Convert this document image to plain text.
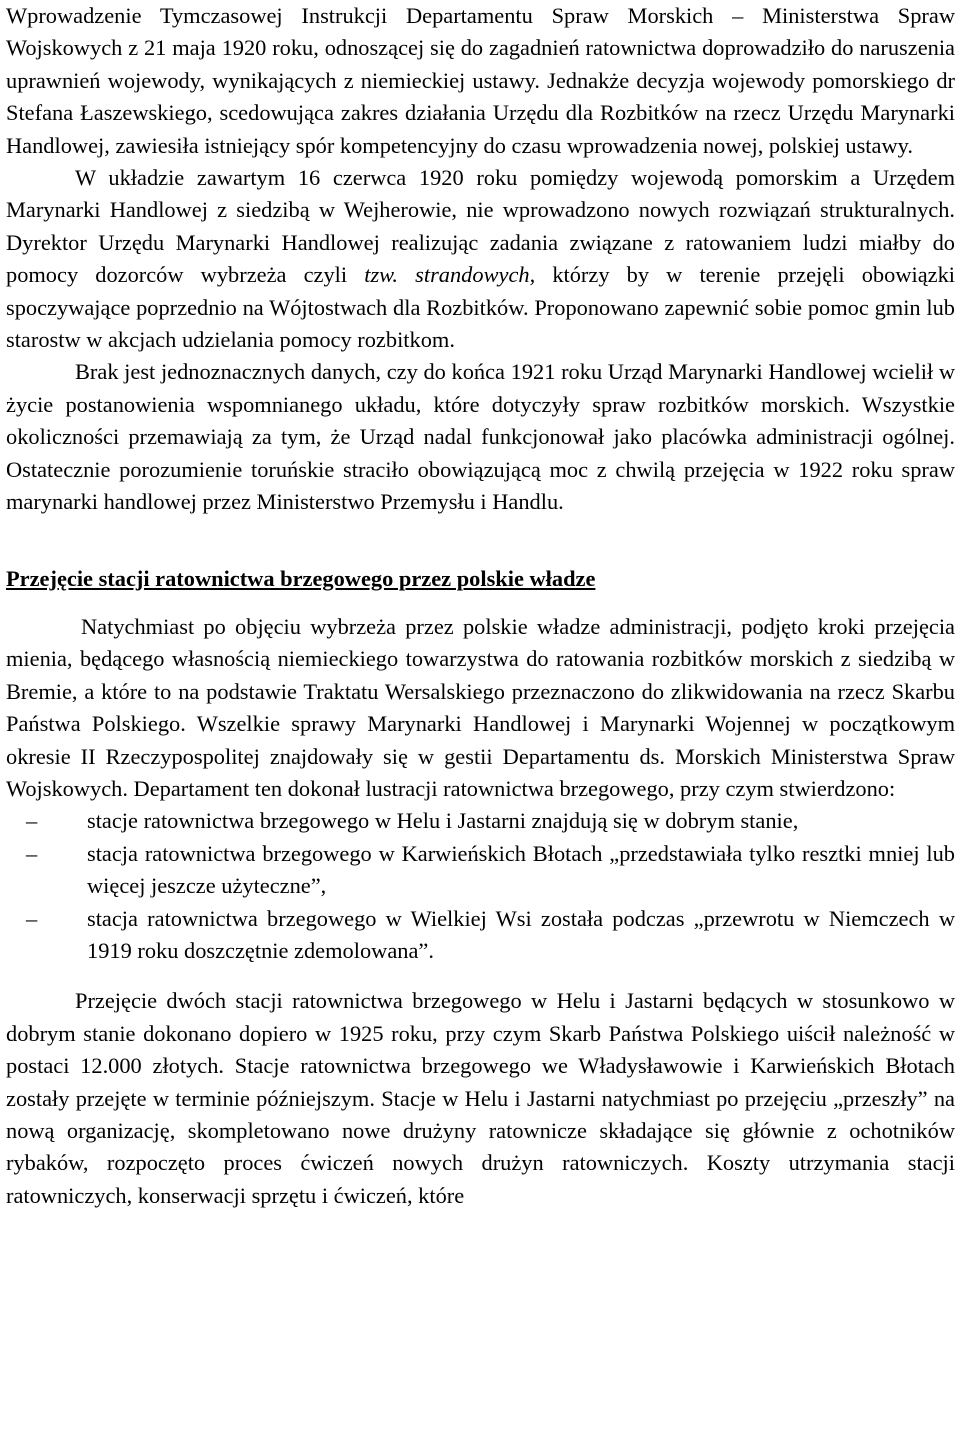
Wprowadzenie Tymczasowej Instrukcji Departamentu Spraw Morskich – Ministerstwa Spraw Wojskowych z 21 maja 1920 roku, odnoszącej się do zagadnień ratownictwa doprowadziło do naruszenia uprawnień wojewody, wynikających z niemieckiej ustawy. Jednakże decyzja wojewody pomorskiego dr Stefana Łaszewskiego, scedowująca zakres działania Urzędu dla Rozbitków na rzecz Urzędu Marynarki Handlowej, zawiesiła istniejący spór kompetencyjny do czasu wprowadzenia nowej, polskiej ustawy.

W układzie zawartym 16 czerwca 1920 roku pomiędzy wojewodą pomorskim a Urzędem Marynarki Handlowej z siedzibą w Wejherowie, nie wprowadzono nowych rozwiązań strukturalnych. Dyrektor Urzędu Marynarki Handlowej realizując zadania związane z ratowaniem ludzi miałby do pomocy dozorców wybrzeża czyli tzw. strandowych, którzy by w terenie przejęli obowiązki spoczywające poprzednio na Wójtostwach dla Rozbitków. Proponowano zapewnić sobie pomoc gmin lub starostw w akcjach udzielania pomocy rozbitkom.

Brak jest jednoznacznych danych, czy do końca 1921 roku Urząd Marynarki Handlowej wcielił w życie postanowienia wspomnianego układu, które dotyczyły spraw rozbitków morskich. Wszystkie okoliczności przemawiają za tym, że Urząd nadal funkcjonował jako placówka administracji ogólnej. Ostatecznie porozumienie toruńskie straciło obowiązującą moc z chwilą przejęcia w 1922 roku spraw marynarki handlowej przez Ministerstwo Przemysłu i Handlu.

Przejęcie stacji ratownictwa brzegowego przez polskie władze

Natychmiast po objęciu wybrzeża przez polskie władze administracji, podjęto kroki przejęcia mienia, będącego własnością niemieckiego towarzystwa do ratowania rozbitków morskich z siedzibą w Bremie, a które to na podstawie Traktatu Wersalskiego przeznaczono do zlikwidowania na rzecz Skarbu Państwa Polskiego. Wszelkie sprawy Marynarki Handlowej i Marynarki Wojennej w początkowym okresie II Rzeczypospolitej znajdowały się w gestii Departamentu ds. Morskich Ministerstwa Spraw Wojskowych. Departament ten dokonał lustracji ratownictwa brzegowego, przy czym stwierdzono:

– stacje ratownictwa brzegowego w Helu i Jastarni znajdują się w dobrym stanie,
– stacja ratownictwa brzegowego w Karwieńskich Błotach „przedstawiała tylko resztki mniej lub więcej jeszcze użyteczne”,
– stacja ratownictwa brzegowego w Wielkiej Wsi została podczas „przewrotu w Niemczech w 1919 roku doszczętnie zdemolowana”.

Przejęcie dwóch stacji ratownictwa brzegowego w Helu i Jastarni będących w stosunkowo w dobrym stanie dokonano dopiero w 1925 roku, przy czym Skarb Państwa Polskiego uiścił należność w postaci 12.000 złotych. Stacje ratownictwa brzegowego we Władysławowie i Karwieńskich Błotach zostały przejęte w terminie późniejszym. Stacje w Helu i Jastarni natychmiast po przejęciu „przeszły” na nową organizację, skompletowano nowe drużyny ratownicze składające się głównie z ochotników rybaków, rozpoczęto proces ćwiczeń nowych drużyn ratowniczych. Koszty utrzymania stacji ratowniczych, konserwacji sprzętu i ćwiczeń, które
